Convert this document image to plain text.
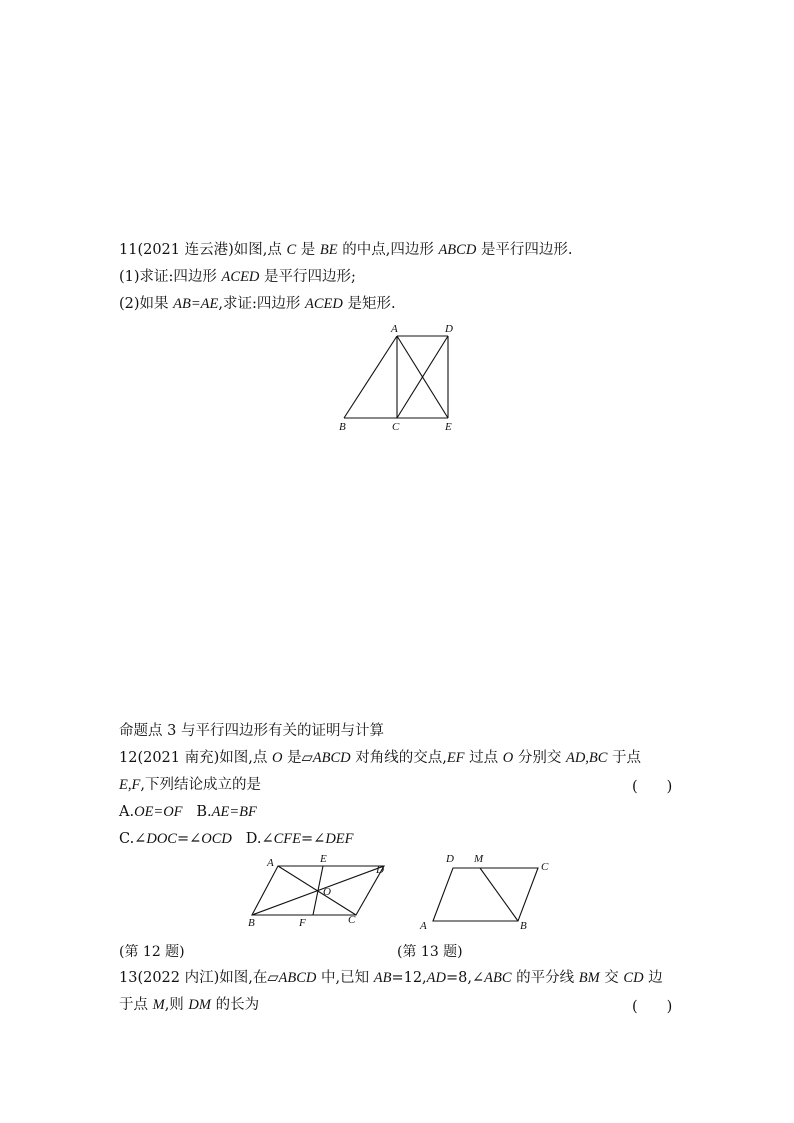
11(2021 连云港)如图,点 C 是 BE 的中点,四边形 ABCD 是平行四边形.
(1)求证:四边形 ACED 是平行四边形;
(2)如果 AB=AE,求证:四边形 ACED 是矩形.
A	D
B	C	E
命题点 3 与平行四边形有关的证明与计算
12(2021 南充)如图,点 O 是▱ABCD 对角线的交点,EF 过点 O 分别交 AD,BC 于点
E,F,下列结论成立的是	(　　)
A.OE=OF B.AE=BF
C.∠DOC=∠OCD D.∠CFE=∠DEF
A	E
D
O
B	F	C
D M
C
A	B
(第 12 题)	(第 13 题)
13(2022 内江)如图,在▱ABCD 中,已知 AB=12,AD=8,∠ABC 的平分线 BM 交 CD 边
于点 M,则 DM 的长为	(　　)
